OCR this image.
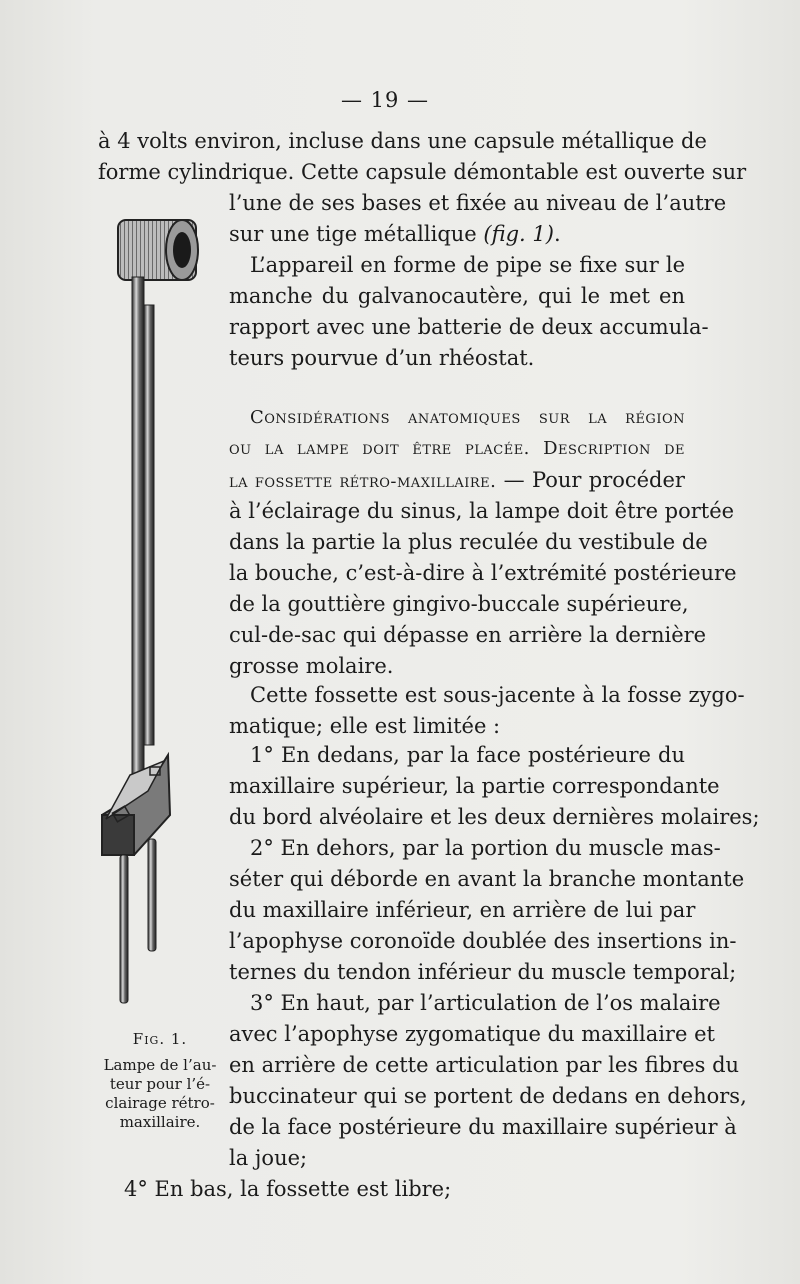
— 19 —
à 4 volts environ, incluse dans une capsule métallique de
forme cylindrique. Cette capsule démontable est ouverte sur
l’une de ses bases et fixée au niveau de l’autre
sur une tige métallique (fig. 1).
L’appareil en forme de pipe se fixe sur le
manche du galvanocautère, qui le met en
rapport avec une batterie de deux accumula-
teurs pourvue d’un rhéostat.
Considérations anatomiques sur la région
ou la lampe doit être placée. Description de
la fossette rétro-maxillaire. — Pour procéder
à l’éclairage du sinus, la lampe doit être portée
dans la partie la plus reculée du vestibule de
la bouche, c’est-à-dire à l’extrémité postérieure
de la gouttière gingivo-buccale supérieure,
cul-de-sac qui dépasse en arrière la dernière
grosse molaire.
Cette fossette est sous-jacente à la fosse zygo-
matique; elle est limitée :
1° En dedans, par la face postérieure du
maxillaire supérieur, la partie correspondante
du bord alvéolaire et les deux dernières molaires;
2° En dehors, par la portion du muscle mas-
séter qui déborde en avant la branche montante
du maxillaire inférieur, en arrière de lui par
l’apophyse coronoïde doublée des insertions in-
ternes du tendon inférieur du muscle temporal;
3° En haut, par l’articulation de l’os malaire
avec l’apophyse zygomatique du maxillaire et
en arrière de cette articulation par les fibres du
buccinateur qui se portent de dedans en dehors,
de la face postérieure du maxillaire supérieur à
la joue;
4° En bas, la fossette est libre;
Fig. 1.
Lampe de l’au-
teur pour l’é-
clairage rétro-
maxillaire.
